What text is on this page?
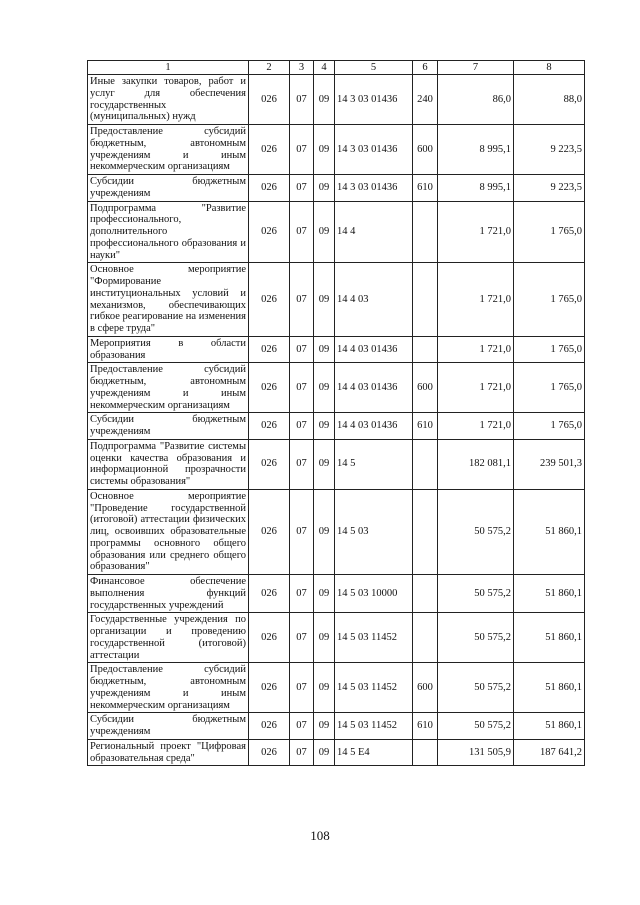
1	2	3	4	5	6	7	8
Иные закупки товаров, работ и услуг для обеспечения государственных (муниципальных) нужд	026	07	09	14 3 03 01436	240	86,0	88,0
Предоставление субсидий бюджетным, автономным учреждениям и иным некоммерческим организациям	026	07	09	14 3 03 01436	600	8 995,1	9 223,5
Субсидии бюджетным учреждениям	026	07	09	14 3 03 01436	610	8 995,1	9 223,5
Подпрограмма "Развитие профессионального, дополнительного профессионального образования и науки"	026	07	09	14 4		1 721,0	1 765,0
Основное мероприятие "Формирование институциональных условий и механизмов, обеспечивающих гибкое реагирование на изменения в сфере труда"	026	07	09	14 4 03		1 721,0	1 765,0
Мероприятия в области образования	026	07	09	14 4 03 01436		1 721,0	1 765,0
Предоставление субсидий бюджетным, автономным учреждениям и иным некоммерческим организациям	026	07	09	14 4 03 01436	600	1 721,0	1 765,0
Субсидии бюджетным учреждениям	026	07	09	14 4 03 01436	610	1 721,0	1 765,0
Подпрограмма "Развитие системы оценки качества образования и информационной прозрачности системы образования"	026	07	09	14 5		182 081,1	239 501,3
Основное мероприятие "Проведение государственной (итоговой) аттестации физических лиц, освоивших образовательные программы основного общего образования или среднего общего образования"	026	07	09	14 5 03		50 575,2	51 860,1
Финансовое обеспечение выполнения функций государственных учреждений	026	07	09	14 5 03 10000		50 575,2	51 860,1
Государственные учреждения по организации и проведению государственной (итоговой) аттестации	026	07	09	14 5 03 11452		50 575,2	51 860,1
Предоставление субсидий бюджетным, автономным учреждениям и иным некоммерческим организациям	026	07	09	14 5 03 11452	600	50 575,2	51 860,1
Субсидии бюджетным учреждениям	026	07	09	14 5 03 11452	610	50 575,2	51 860,1
Региональный проект "Цифровая образовательная среда"	026	07	09	14 5 E4		131 505,9	187 641,2
108
